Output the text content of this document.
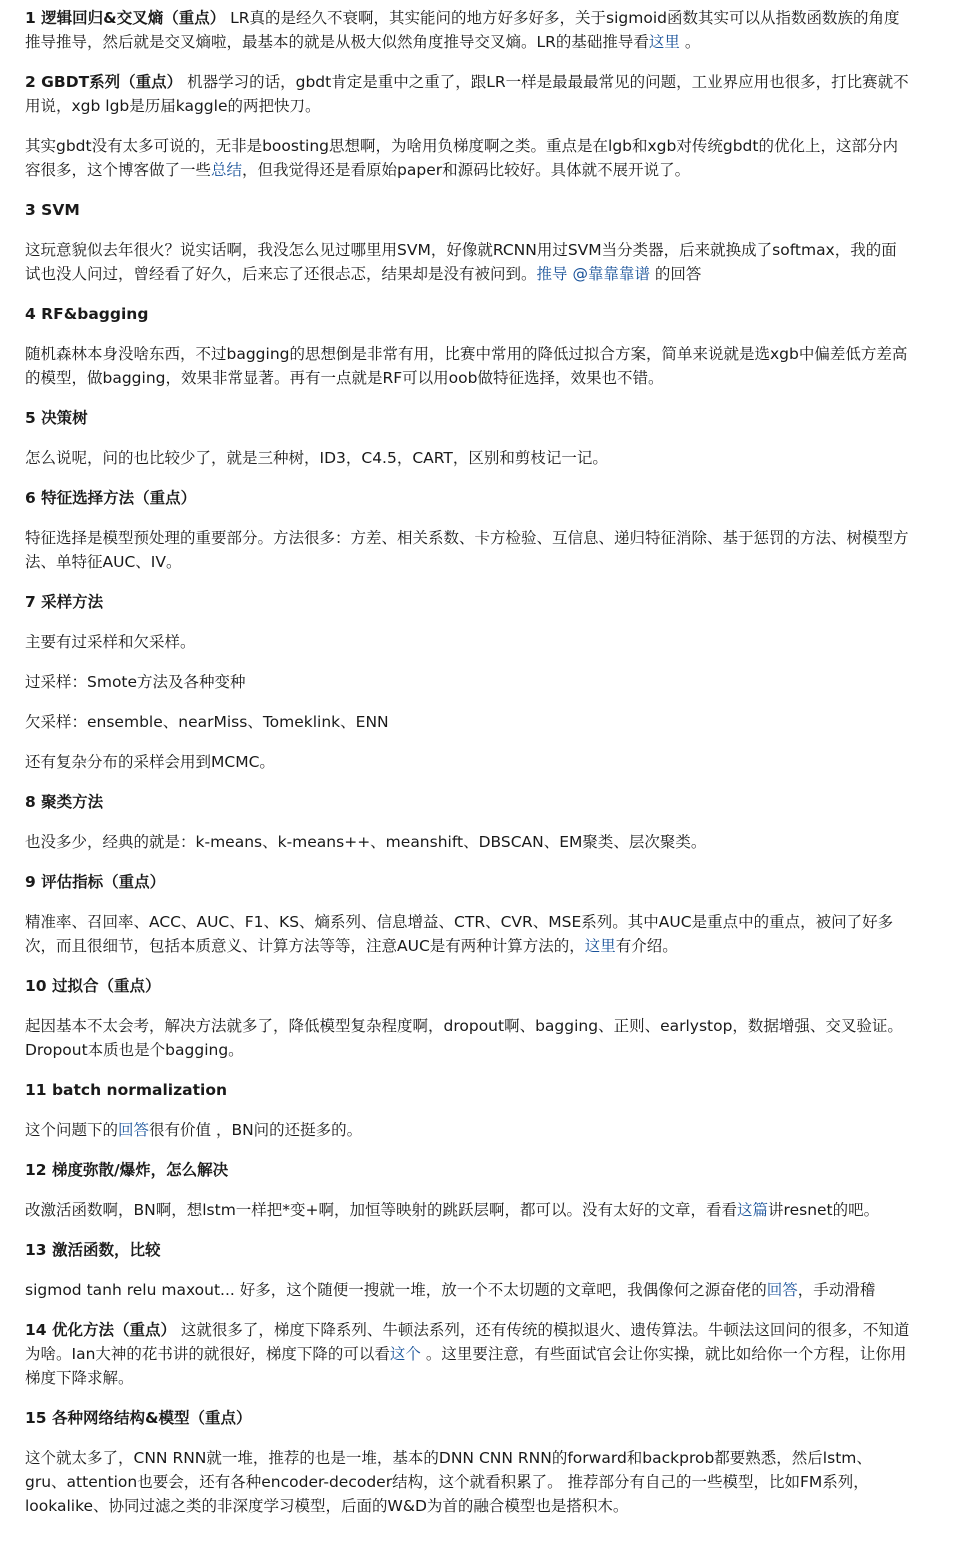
1 逻辑回归&交叉熵（重点） LR真的是经久不衰啊，其实能问的地方好多好多，关于sigmoid函数其实可以从指数函数族的角度推导推导，然后就是交叉熵啦，最基本的就是从极大似然角度推导交叉熵。LR的基础推导看这里 。
2 GBDT系列（重点） 机器学习的话，gbdt肯定是重中之重了，跟LR一样是最最最常见的问题，工业界应用也很多，打比赛就不用说，xgb lgb是历届kaggle的两把快刀。
其实gbdt没有太多可说的，无非是boosting思想啊，为啥用负梯度啊之类。重点是在lgb和xgb对传统gbdt的优化上，这部分内容很多，这个博客做了一些总结，但我觉得还是看原始paper和源码比较好。具体就不展开说了。
3 SVM
这玩意貌似去年很火？说实话啊，我没怎么见过哪里用SVM，好像就RCNN用过SVM当分类器，后来就换成了softmax，我的面试也没人问过，曾经看了好久，后来忘了还很忐忑，结果却是没有被问到。推导 @靠靠靠谱 的回答
4 RF&bagging
随机森林本身没啥东西，不过bagging的思想倒是非常有用，比赛中常用的降低过拟合方案，简单来说就是选xgb中偏差低方差高的模型，做bagging，效果非常显著。再有一点就是RF可以用oob做特征选择，效果也不错。
5 决策树
怎么说呢，问的也比较少了，就是三种树，ID3，C4.5，CART，区别和剪枝记一记。
6 特征选择方法（重点）
特征选择是模型预处理的重要部分。方法很多：方差、相关系数、卡方检验、互信息、递归特征消除、基于惩罚的方法、树模型方法、单特征AUC、IV。
7 采样方法
主要有过采样和欠采样。
过采样：Smote方法及各种变种
欠采样：ensemble、nearMiss、Tomeklink、ENN
还有复杂分布的采样会用到MCMC。
8 聚类方法
也没多少，经典的就是：k-means、k-means++、meanshift、DBSCAN、EM聚类、层次聚类。
9 评估指标（重点）
精准率、召回率、ACC、AUC、F1、KS、熵系列、信息增益、CTR、CVR、MSE系列。其中AUC是重点中的重点，被问了好多次，而且很细节，包括本质意义、计算方法等等，注意AUC是有两种计算方法的，这里有介绍。
10 过拟合（重点）
起因基本不太会考，解决方法就多了，降低模型复杂程度啊，dropout啊、bagging、正则、earlystop，数据增强、交叉验证。Dropout本质也是个bagging。
11 batch normalization
这个问题下的回答很有价值 ，BN问的还挺多的。
12 梯度弥散/爆炸，怎么解决
改激活函数啊，BN啊，想lstm一样把*变+啊，加恒等映射的跳跃层啊，都可以。没有太好的文章，看看这篇讲resnet的吧。
13 激活函数，比较
sigmod tanh relu maxout... 好多，这个随便一搜就一堆，放一个不太切题的文章吧，我偶像何之源奋佬的回答，手动滑稽
14 优化方法（重点） 这就很多了，梯度下降系列、牛顿法系列，还有传统的模拟退火、遗传算法。牛顿法这回问的很多，不知道为啥。Ian大神的花书讲的就很好，梯度下降的可以看这个 。这里要注意，有些面试官会让你实操，就比如给你一个方程，让你用梯度下降求解。
15 各种网络结构&模型（重点）
这个就太多了，CNN RNN就一堆，推荐的也是一堆，基本的DNN CNN RNN的forward和backprob都要熟悉，然后lstm、gru、attention也要会，还有各种encoder-decoder结构，这个就看积累了。 推荐部分有自己的一些模型，比如FM系列，lookalike、协同过滤之类的非深度学习模型，后面的W&D为首的融合模型也是搭积木。
